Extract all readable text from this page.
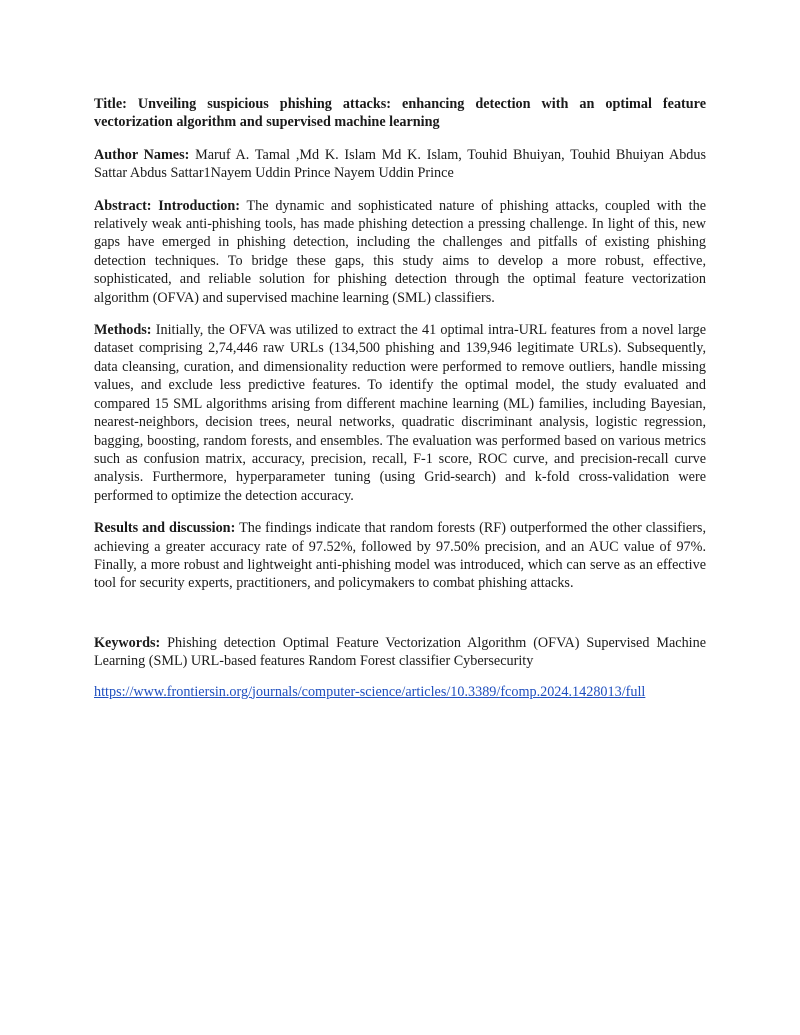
Title: Unveiling suspicious phishing attacks: enhancing detection with an optimal feature vectorization algorithm and supervised machine learning

Author Names: Maruf A. Tamal ,Md K. Islam Md K. Islam, Touhid Bhuiyan, Touhid Bhuiyan Abdus Sattar Abdus Sattar1Nayem Uddin Prince Nayem Uddin Prince

Abstract: Introduction: The dynamic and sophisticated nature of phishing attacks, coupled with the relatively weak anti-phishing tools, has made phishing detection a pressing challenge. In light of this, new gaps have emerged in phishing detection, including the challenges and pitfalls of existing phishing detection techniques. To bridge these gaps, this study aims to develop a more robust, effective, sophisticated, and reliable solution for phishing detection through the optimal feature vectorization algorithm (OFVA) and supervised machine learning (SML) classifiers.

Methods: Initially, the OFVA was utilized to extract the 41 optimal intra-URL features from a novel large dataset comprising 2,74,446 raw URLs (134,500 phishing and 139,946 legitimate URLs). Subsequently, data cleansing, curation, and dimensionality reduction were performed to remove outliers, handle missing values, and exclude less predictive features. To identify the optimal model, the study evaluated and compared 15 SML algorithms arising from different machine learning (ML) families, including Bayesian, nearest-neighbors, decision trees, neural networks, quadratic discriminant analysis, logistic regression, bagging, boosting, random forests, and ensembles. The evaluation was performed based on various metrics such as confusion matrix, accuracy, precision, recall, F-1 score, ROC curve, and precision-recall curve analysis. Furthermore, hyperparameter tuning (using Grid-search) and k-fold cross-validation were performed to optimize the detection accuracy.

Results and discussion: The findings indicate that random forests (RF) outperformed the other classifiers, achieving a greater accuracy rate of 97.52%, followed by 97.50% precision, and an AUC value of 97%. Finally, a more robust and lightweight anti-phishing model was introduced, which can serve as an effective tool for security experts, practitioners, and policymakers to combat phishing attacks.

Keywords: Phishing detection Optimal Feature Vectorization Algorithm (OFVA) Supervised Machine Learning (SML) URL-based features Random Forest classifier Cybersecurity

https://www.frontiersin.org/journals/computer-science/articles/10.3389/fcomp.2024.1428013/full
